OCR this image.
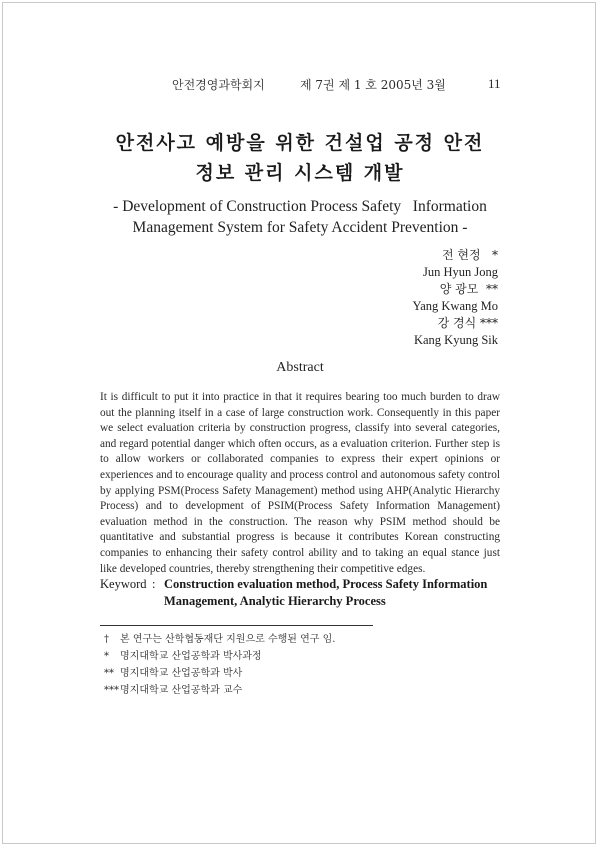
안전경영과학회지	제 7권 제 1 호 2005년 3월	11
안전사고 예방을 위한 건설업 공정 안전
정보 관리 시스템 개발
- Development of Construction Process Safety   Information
Management System for Safety Accident Prevention -
전 현정   *
Jun Hyun Jong
양 광모  **
Yang Kwang Mo
강 경식 ***
Kang Kyung Sik
Abstract
It is difficult to put it into practice in that it requires bearing too much burden to draw out the planning itself in a case of large construction work. Consequently in this paper we select evaluation criteria by construction progress, classify into several categories, and regard potential danger which often occurs, as a evaluation criterion. Further step is to allow workers or collaborated companies to express their expert opinions or experiences and to encourage quality and process control and autonomous safety control by applying PSM(Process Safety Management) method using AHP(Analytic Hierarchy Process) and to development of PSIM(Process Safety Information Management) evaluation method in the construction. The reason why PSIM method should be quantitative and substantial progress is because it contributes Korean constructing companies to enhancing their safety control ability and to taking an equal stance just like developed countries, thereby strengthening their competitive edges.
Keyword : Construction evaluation method, Process Safety Information
Management, Analytic Hierarchy Process
† 본 연구는 산학협동재단 지원으로 수행된 연구 임.
* 명지대학교 산업공학과 박사과정
** 명지대학교 산업공학과 박사
***명지대학교 산업공학과 교수
